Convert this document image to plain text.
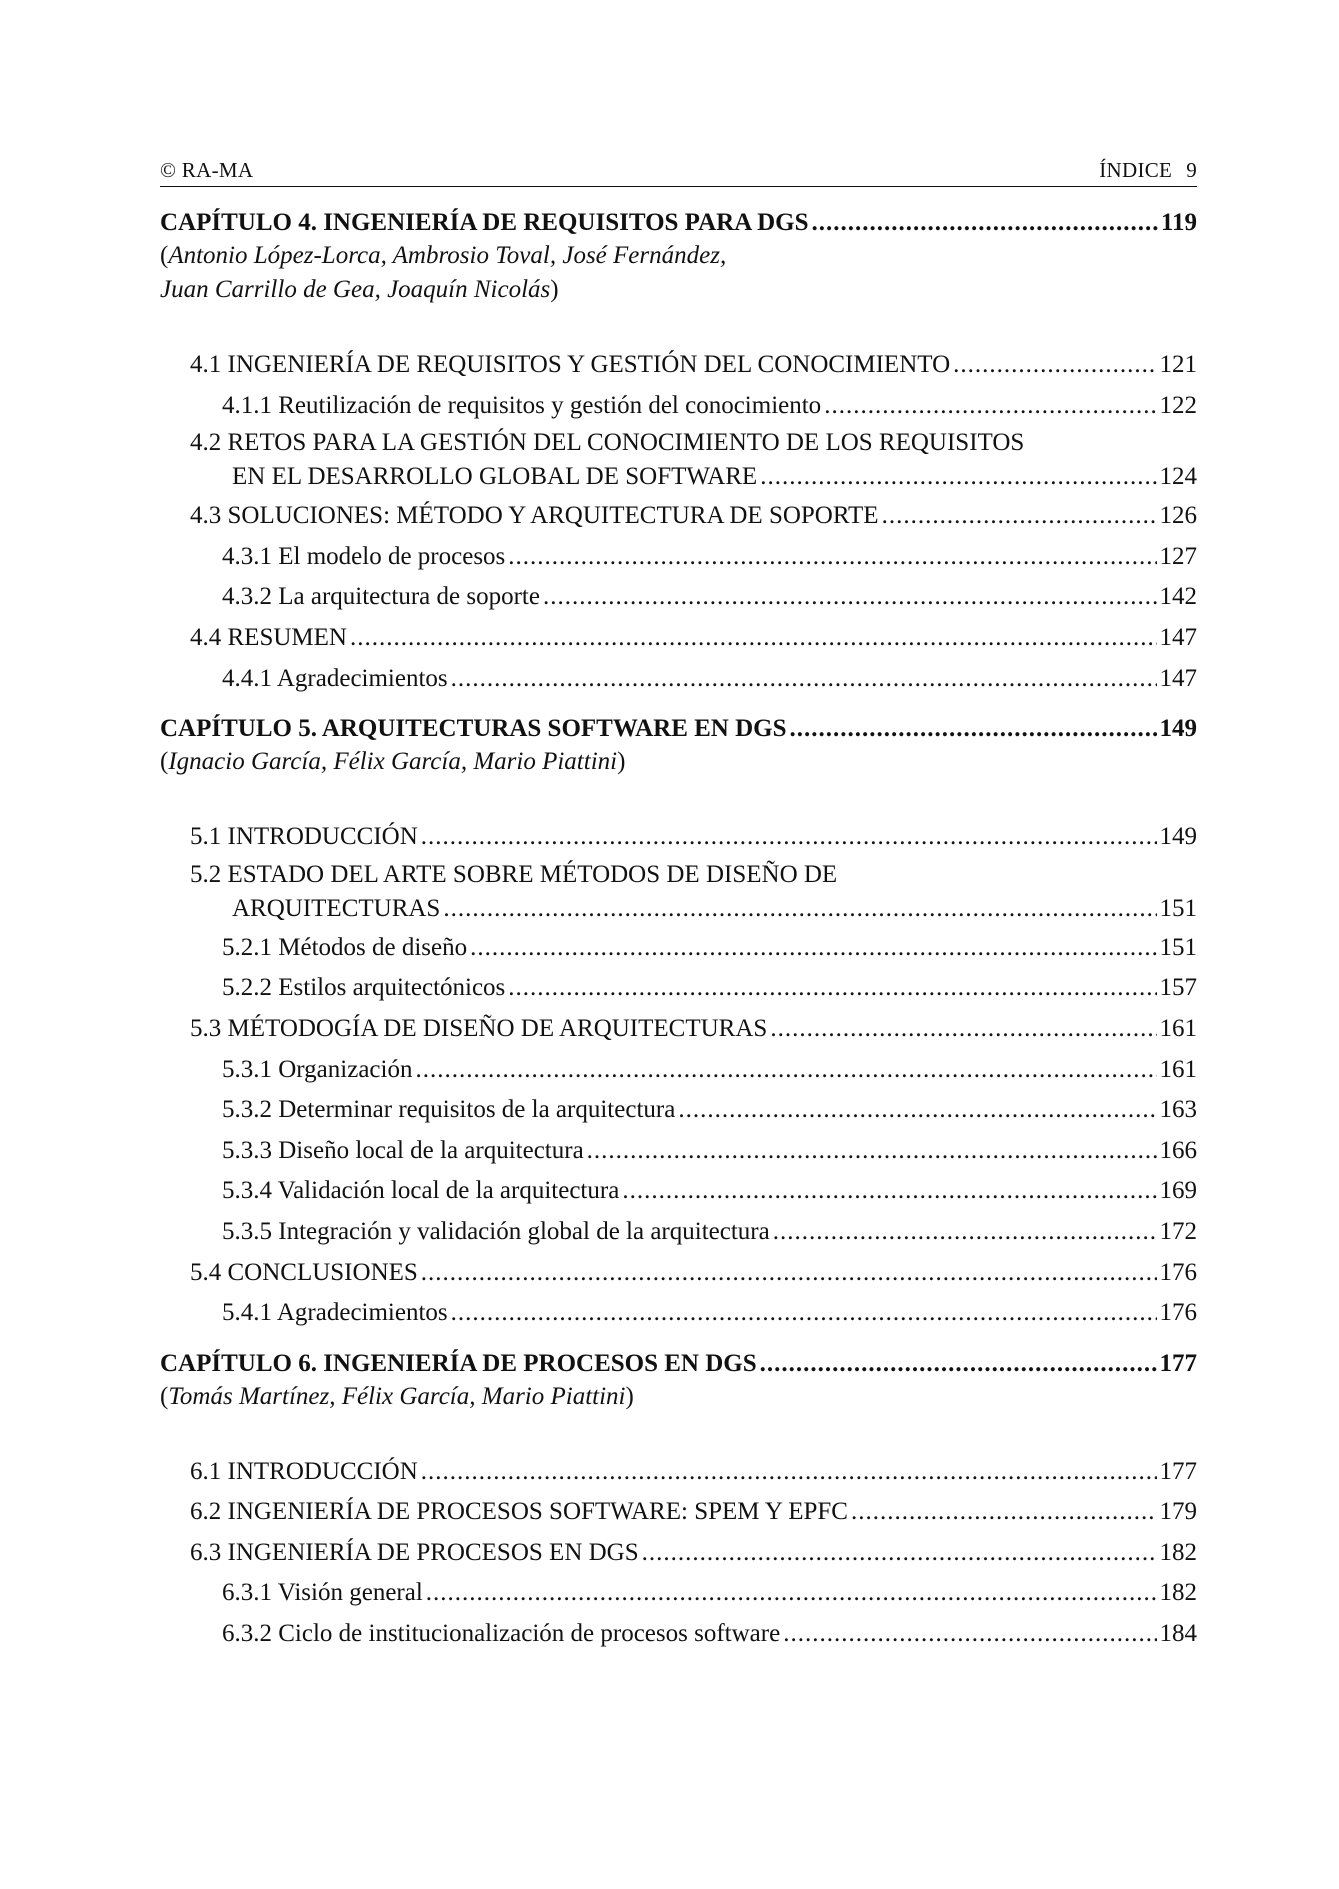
© RA-MA	ÍNDICE 9
CAPÍTULO 4. INGENIERÍA DE REQUISITOS PARA DGS .....	119
(Antonio López-Lorca, Ambrosio Toval, José Fernández,
Juan Carrillo de Gea, Joaquín Nicolás)
4.1 INGENIERÍA DE REQUISITOS Y GESTIÓN DEL CONOCIMIENTO .....	121
4.1.1 Reutilización de requisitos y gestión del conocimiento .....	122
4.2 RETOS PARA LA GESTIÓN DEL CONOCIMIENTO DE LOS REQUISITOS
EN EL DESARROLLO GLOBAL DE SOFTWARE .....	124
4.3 SOLUCIONES: MÉTODO Y ARQUITECTURA DE SOPORTE .....	126
4.3.1 El modelo de procesos .....	127
4.3.2 La arquitectura de soporte .....	142
4.4 RESUMEN .....	147
4.4.1 Agradecimientos .....	147
CAPÍTULO 5. ARQUITECTURAS SOFTWARE EN DGS .....	149
(Ignacio García, Félix García, Mario Piattini)
5.1 INTRODUCCIÓN .....	149
5.2 ESTADO DEL ARTE SOBRE MÉTODOS DE DISEÑO DE
ARQUITECTURAS .....	151
5.2.1 Métodos de diseño .....	151
5.2.2 Estilos arquitectónicos .....	157
5.3 MÉTODOGÍA DE DISEÑO DE ARQUITECTURAS .....	161
5.3.1 Organización .....	161
5.3.2 Determinar requisitos de la arquitectura .....	163
5.3.3 Diseño local de la arquitectura .....	166
5.3.4 Validación local de la arquitectura .....	169
5.3.5 Integración y validación global de la arquitectura .....	172
5.4 CONCLUSIONES .....	176
5.4.1 Agradecimientos .....	176
CAPÍTULO 6. INGENIERÍA DE PROCESOS EN DGS .....	177
(Tomás Martínez, Félix García, Mario Piattini)
6.1 INTRODUCCIÓN .....	177
6.2 INGENIERÍA DE PROCESOS SOFTWARE: SPEM Y EPFC .....	179
6.3 INGENIERÍA DE PROCESOS EN DGS .....	182
6.3.1 Visión general .....	182
6.3.2 Ciclo de institucionalización de procesos software .....	184
